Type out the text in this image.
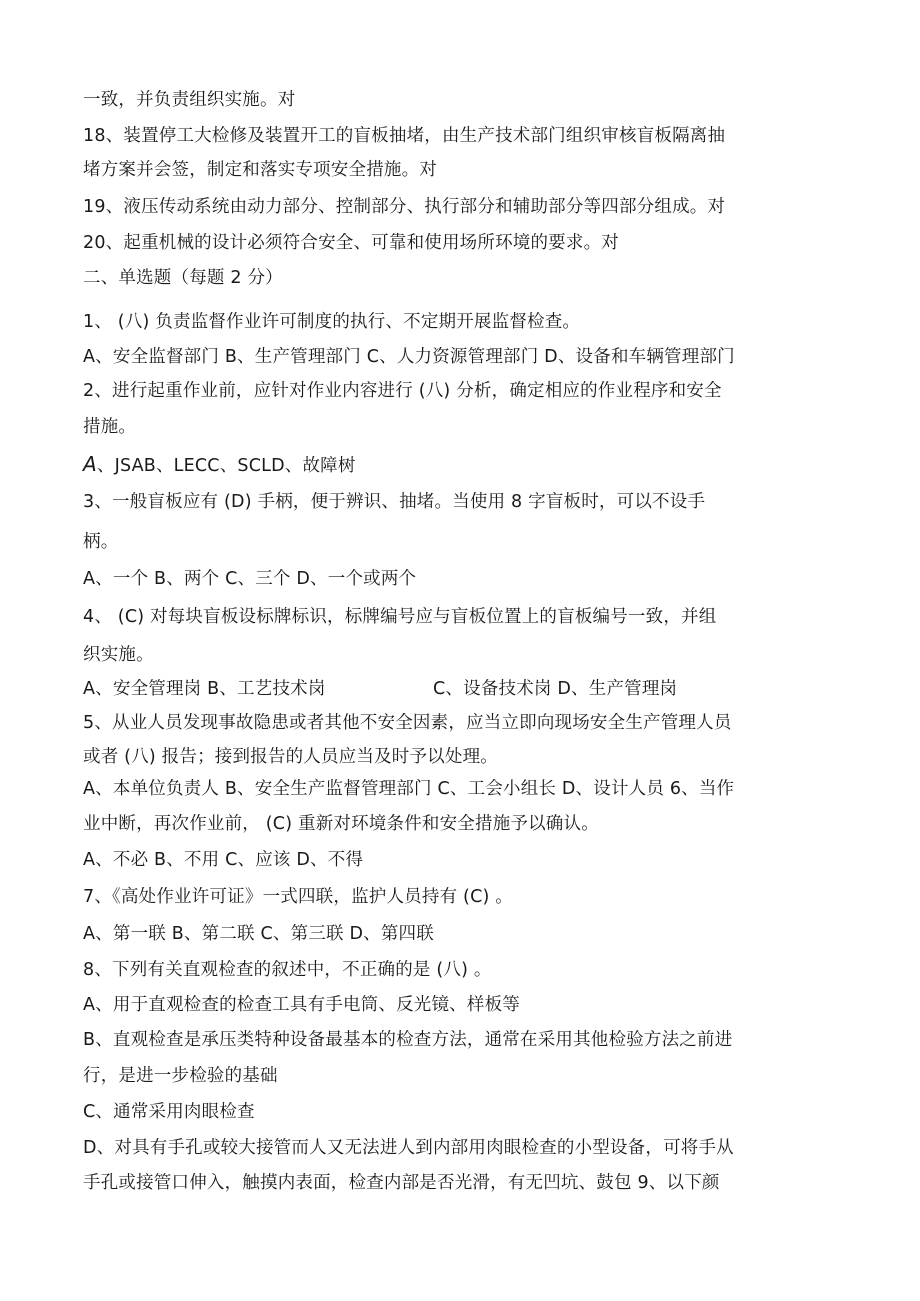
一致，并负责组织实施。对
18、装置停工大检修及装置开工的盲板抽堵，由生产技术部门组织审核盲板隔离抽
堵方案并会签，制定和落实专项安全措施。对
19、液压传动系统由动力部分、控制部分、执行部分和辅助部分等四部分组成。对
20、起重机械的设计必须符合安全、可靠和使用场所环境的要求。对
二、单选题（每题 2 分）
1、 (八) 负责监督作业许可制度的执行、不定期开展监督检查。
A、安全监督部门 B、生产管理部门 C、人力资源管理部门 D、设备和车辆管理部门
2、进行起重作业前，应针对作业内容进行 (八) 分析，确定相应的作业程序和安全
措施。
A、JSAB、LECC、SCLD、故障树
3、一般盲板应有 (D) 手柄，便于辨识、抽堵。当使用 8 字盲板时，可以不设手
柄。
A、一个 B、两个 C、三个 D、一个或两个
4、 (C) 对每块盲板设标牌标识，标牌编号应与盲板位置上的盲板编号一致，并组
织实施。
A、安全管理岗 B、工艺技术岗	C、设备技术岗 D、生产管理岗
5、从业人员发现事故隐患或者其他不安全因素，应当立即向现场安全生产管理人员
或者 (八) 报告；接到报告的人员应当及时予以处理。
A、本单位负责人 B、安全生产监督管理部门 C、工会小组长 D、设计人员 6、当作
业中断，再次作业前， (C) 重新对环境条件和安全措施予以确认。
A、不必 B、不用 C、应该 D、不得
7、《高处作业许可证》一式四联，监护人员持有 (C) 。
A、第一联 B、第二联 C、第三联 D、第四联
8、下列有关直观检查的叙述中，不正确的是 (八) 。
A、用于直观检查的检查工具有手电筒、反光镜、样板等
B、直观检查是承压类特种设备最基本的检查方法，通常在采用其他检验方法之前进
行，是进一步检验的基础
C、通常采用肉眼检查
D、对具有手孔或较大接管而人又无法进人到内部用肉眼检查的小型设备，可将手从
手孔或接管口伸入，触摸内表面，检查内部是否光滑，有无凹坑、鼓包 9、以下颜
